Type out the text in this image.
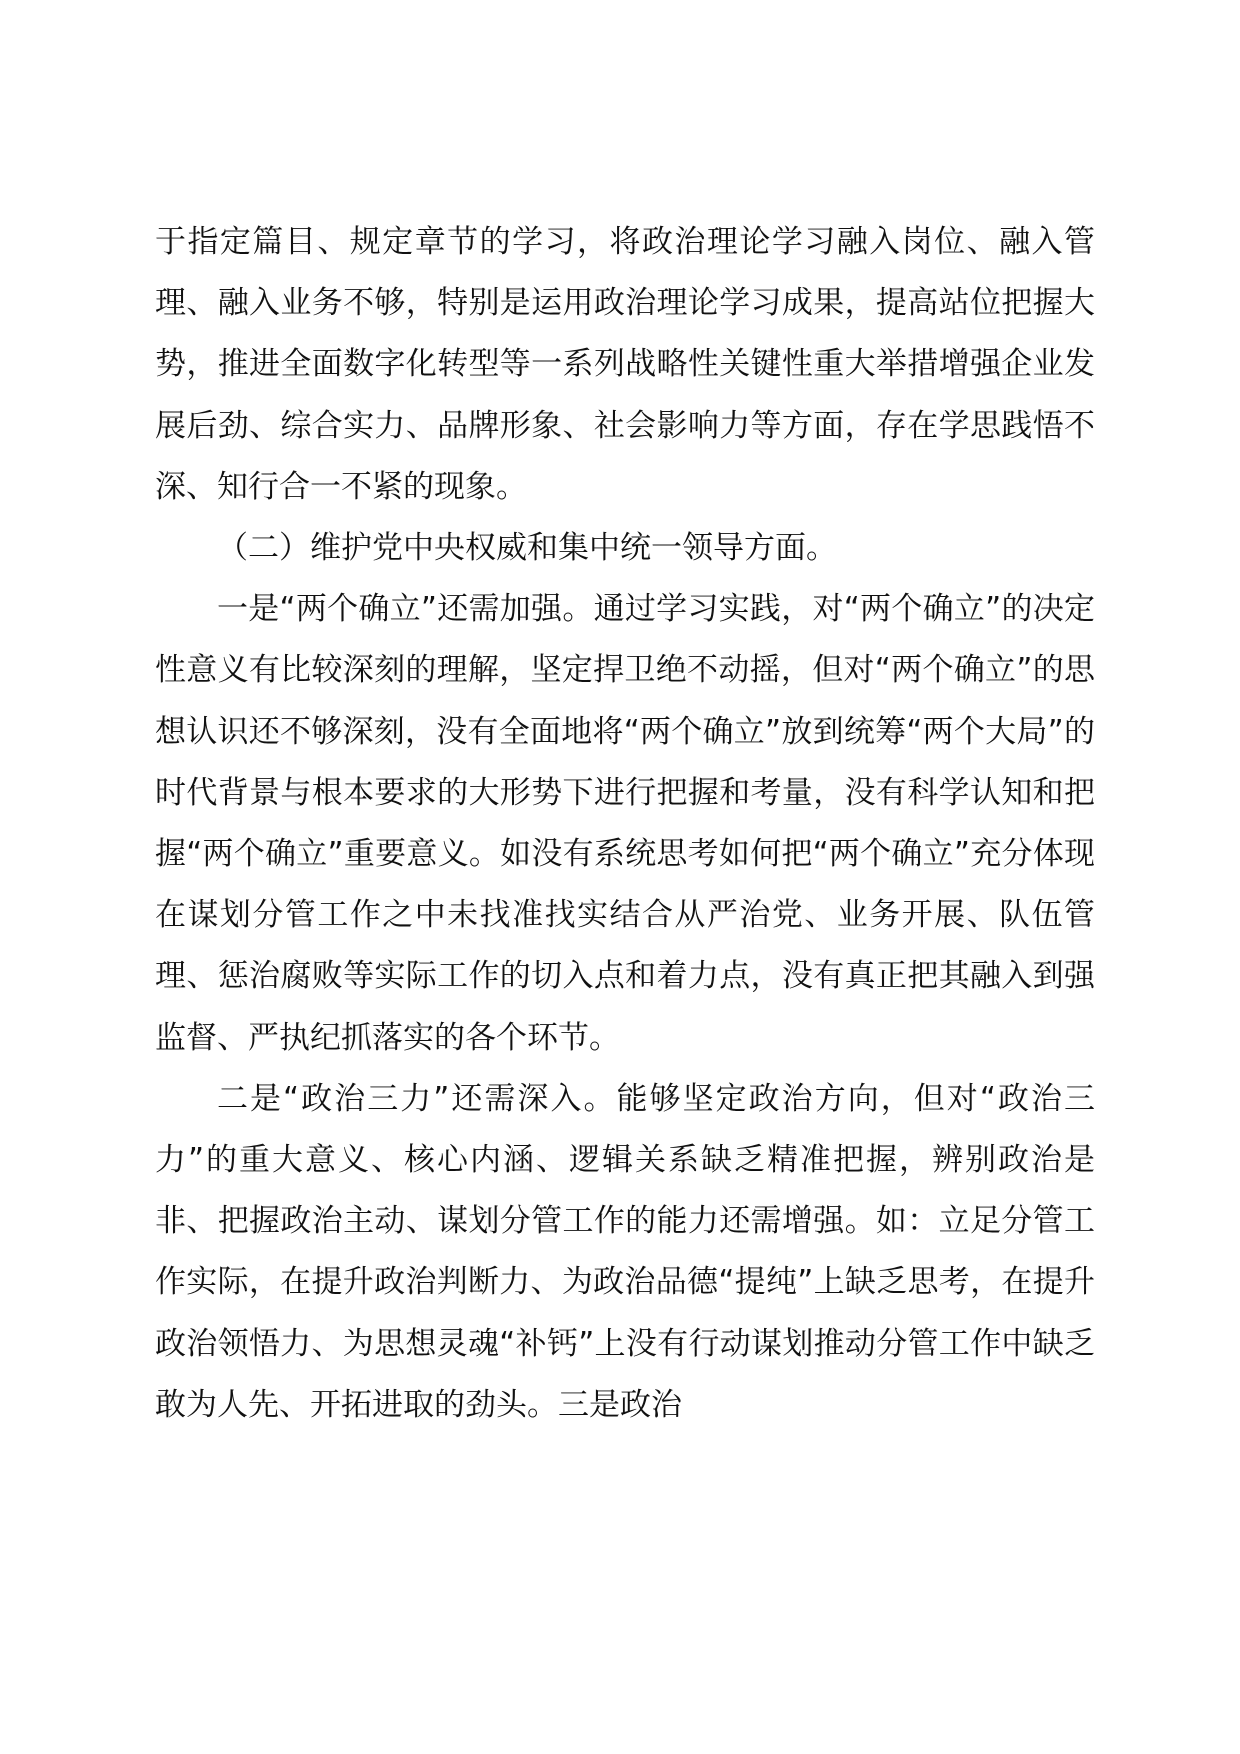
于指定篇目、规定章节的学习，将政治理论学习融入岗位、融入管理、融入业务不够，特别是运用政治理论学习成果，提高站位把握大势，推进全面数字化转型等一系列战略性关键性重大举措增强企业发展后劲、综合实力、品牌形象、社会影响力等方面，存在学思践悟不深、知行合一不紧的现象。

（二）维护党中央权威和集中统一领导方面。

一是“两个确立”还需加强。通过学习实践，对“两个确立”的决定性意义有比较深刻的理解，坚定捍卫绝不动摇，但对“两个确立”的思想认识还不够深刻，没有全面地将“两个确立”放到统筹“两个大局”的时代背景与根本要求的大形势下进行把握和考量，没有科学认知和把握“两个确立”重要意义。如没有系统思考如何把“两个确立”充分体现在谋划分管工作之中未找准找实结合从严治党、业务开展、队伍管理、惩治腐败等实际工作的切入点和着力点，没有真正把其融入到强监督、严执纪抓落实的各个环节。

二是“政治三力”还需深入。能够坚定政治方向，但对“政治三力”的重大意义、核心内涵、逻辑关系缺乏精准把握，辨别政治是非、把握政治主动、谋划分管工作的能力还需增强。如：立足分管工作实际，在提升政治判断力、为政治品德“提纯”上缺乏思考，在提升政治领悟力、为思想灵魂“补钙”上没有行动谋划推动分管工作中缺乏敢为人先、开拓进取的劲头。三是政治
